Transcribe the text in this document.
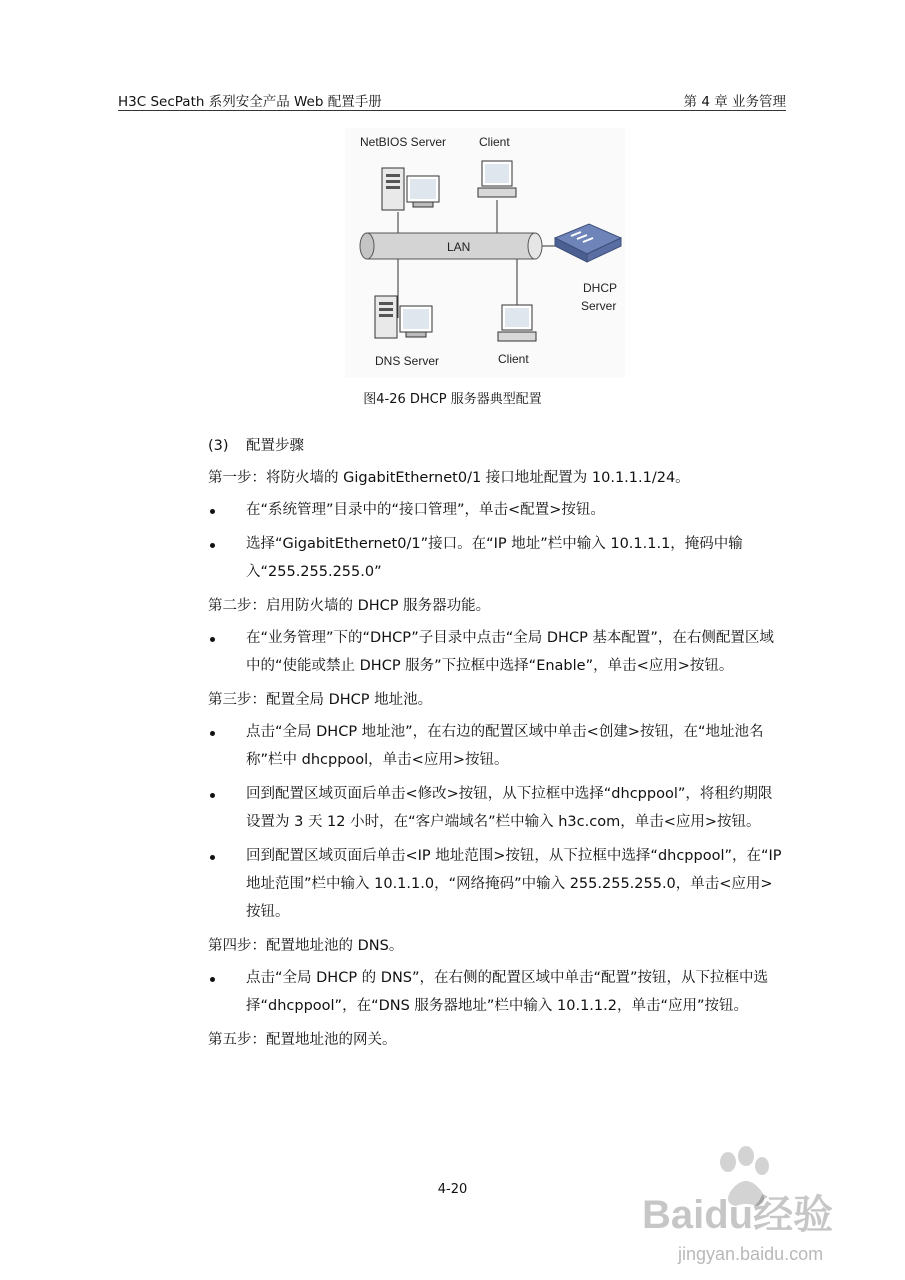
H3C SecPath 系列安全产品 Web 配置手册	第 4 章 业务管理
LAN
NetBIOS Server	Client
DHCP
Server
DNS Server	Client
图4-26 DHCP 服务器典型配置

(3) 配置步骤

第一步：将防火墙的 GigabitEthernet0/1 接口地址配置为 10.1.1.1/24。

在“系统管理”目录中的“接口管理”，单击<配置>按钮。
选择“GigabitEthernet0/1”接口。在“IP 地址”栏中输入 10.1.1.1，掩码中输入“255.255.255.0”

第二步：启用防火墙的 DHCP 服务器功能。

在“业务管理”下的“DHCP”子目录中点击“全局 DHCP 基本配置”，在右侧配置区域中的“使能或禁止 DHCP 服务”下拉框中选择“Enable”，单击<应用>按钮。

第三步：配置全局 DHCP 地址池。

点击“全局 DHCP 地址池”，在右边的配置区域中单击<创建>按钮，在“地址池名称”栏中 dhcppool，单击<应用>按钮。
回到配置区域页面后单击<修改>按钮，从下拉框中选择“dhcppool”，将租约期限设置为 3 天 12 小时，在“客户端域名”栏中输入 h3c.com，单击<应用>按钮。
回到配置区域页面后单击<IP 地址范围>按钮，从下拉框中选择“dhcppool”，在“IP 地址范围”栏中输入 10.1.1.0，“网络掩码”中输入 255.255.255.0，单击<应用>按钮。

第四步：配置地址池的 DNS。

点击“全局 DHCP 的 DNS”，在右侧的配置区域中单击“配置”按钮，从下拉框中选择“dhcppool”，在“DNS 服务器地址”栏中输入 10.1.1.2，单击“应用”按钮。

第五步：配置地址池的网关。

4-20
Baidu经验
jingyan.baidu.com
